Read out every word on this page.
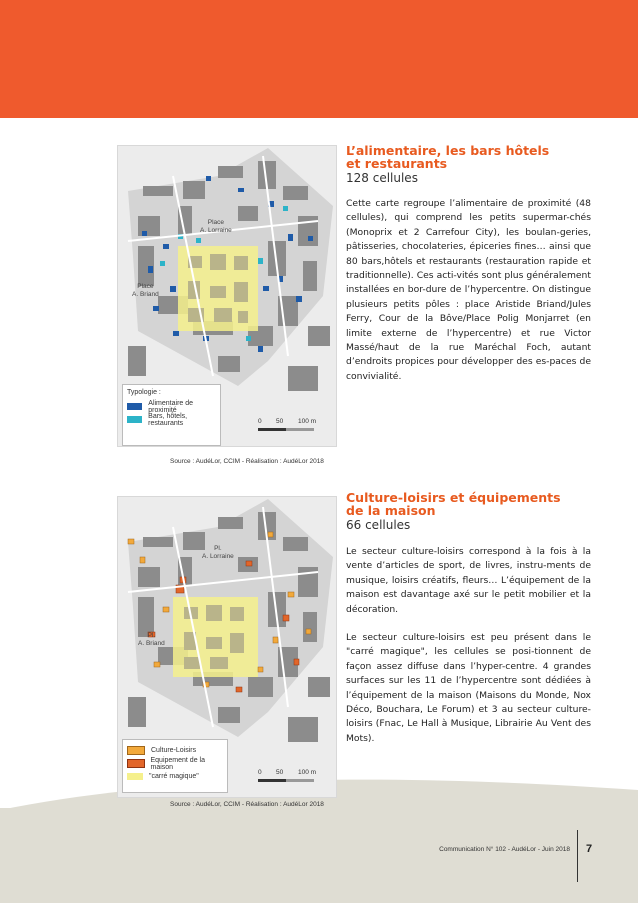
Place
A. Lorraine
Place
A. Briand
Typologie :
Alimentaire de proximité
Bars, hôtels, restaurants	0 50 100 m
Source : AudéLor, CCIM - Réalisation : AudéLor 2018
L’alimentaire, les bars hôtels
et restaurants
128 cellules
Cette carte regroupe l’alimentaire de proximité (48 cellules), qui comprend les petits supermar-chés (Monoprix et 2 Carrefour City), les boulan-geries, pâtisseries, chocolateries, épiceries fines… ainsi que 80 bars,hôtels et restaurants (restauration rapide et traditionnelle). Ces acti-vités sont plus généralement installées en bor-dure de l’hypercentre. On distingue plusieurs petits pôles : place Aristide Briand/Jules Ferry, Cour de la Bôve/Place Polig Monjarret (en limite externe de l’hypercentre) et rue Victor Massé/haut de la rue Maréchal Foch, autant d’endroits propices pour développer des es-paces de convivialité.
Pl.
A. Lorraine
Pl.
A. Briand
Culture-Loisirs
Equipement de la maison
"carré magique"
0 50 100 m
Source : AudéLor, CCIM - Réalisation : AudéLor 2018
Culture-loisirs et équipements
de la maison
66 cellules

Le secteur culture-loisirs correspond à la fois à la vente d’articles de sport, de livres, instru-ments de musique, loisirs créatifs, fleurs… L’équipement de la maison est davantage axé sur le petit mobilier et la décoration.

Le secteur culture-loisirs est peu présent dans le "carré magique", les cellules se posi-tionnent de façon assez diffuse dans l’hyper-centre. 4 grandes surfaces sur les 11 de l’hypercentre sont dédiées à l’équipement de la maison (Maisons du Monde, Nox Déco, Bouchara, Le Forum) et 3 au secteur culture-loisirs (Fnac, Le Hall à Musique, Librairie Au Vent des Mots).

Communication N° 102 - AudéLor - Juin 2018 7
